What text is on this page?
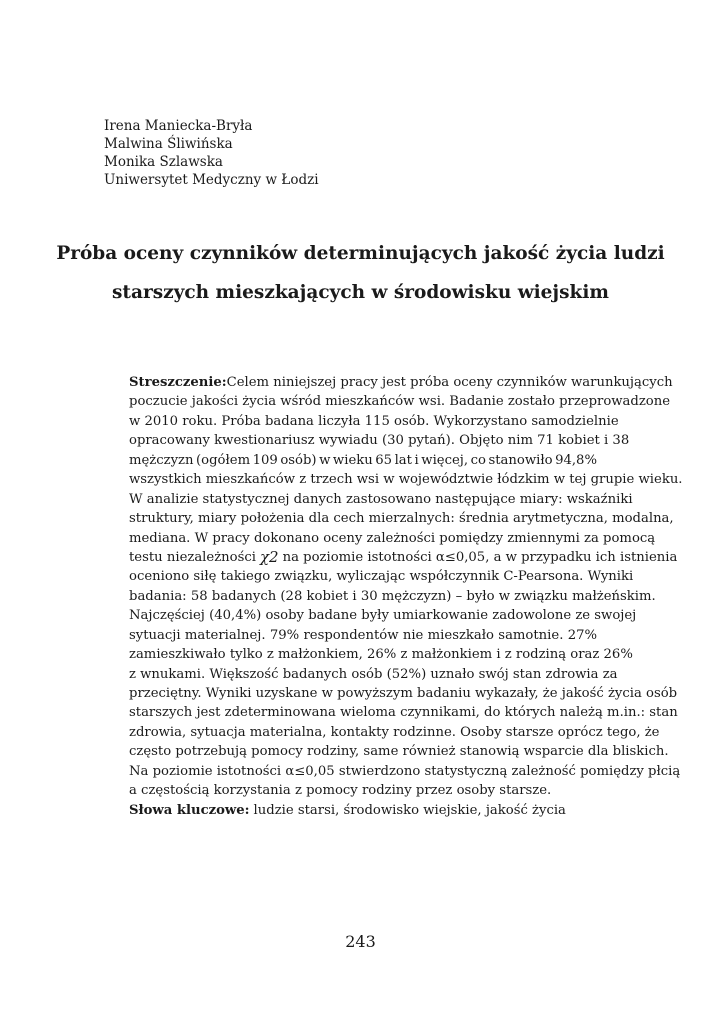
Irena Maniecka-Bryła
Malwina Śliwińska
Monika Szlawska
Uniwersytet Medyczny w Łodzi
Próba oceny czynników determinujących jakość życia ludzi
starszych mieszkających w środowisku wiejskim
Streszczenie: Celem niniejszej pracy jest próba oceny czynników warunkujących
poczucie jakości życia wśród mieszkańców wsi. Badanie zostało przeprowadzone
w 2010 roku. Próba badana liczyła 115 osób. Wykorzystano samodzielnie
opracowany kwestionariusz wywiadu (30 pytań). Objęto nim 71 kobiet i 38
mężczyzn (ogółem 109 osób) w wieku 65 lat i więcej, co stanowiło 94,8%
wszystkich mieszkańców z trzech wsi w województwie łódzkim w tej grupie wieku.
W analizie statystycznej danych zastosowano następujące miary: wskaźniki
struktury, miary położenia dla cech mierzalnych: średnia arytmetyczna, modalna,
mediana. W pracy dokonano oceny zależności pomiędzy zmiennymi za pomocą
testu niezależności χ2 na poziomie istotności α≤0,05, a w przypadku ich istnienia
oceniono siłę takiego związku, wyliczając współczynnik C-Pearsona. Wyniki
badania: 58 badanych (28 kobiet i 30 mężczyzn) – było w związku małżeńskim.
Najczęściej (40,4%) osoby badane były umiarkowanie zadowolone ze swojej
sytuacji materialnej. 79% respondentów nie mieszkało samotnie. 27%
zamieszkiwało tylko z małżonkiem, 26% z małżonkiem i z rodziną oraz 26%
z wnukami. Większość badanych osób (52%) uznało swój stan zdrowia za
przeciętny. Wyniki uzyskane w powyższym badaniu wykazały, że jakość życia osób
starszych jest zdeterminowana wieloma czynnikami, do których należą m.in.: stan
zdrowia, sytuacja materialna, kontakty rodzinne. Osoby starsze oprócz tego, że
często potrzebują pomocy rodziny, same również stanowią wsparcie dla bliskich.
Na poziomie istotności α≤0,05 stwierdzono statystyczną zależność pomiędzy płcią
a częstością korzystania z pomocy rodziny przez osoby starsze.
Słowa kluczowe: ludzie starsi, środowisko wiejskie, jakość życia
243
